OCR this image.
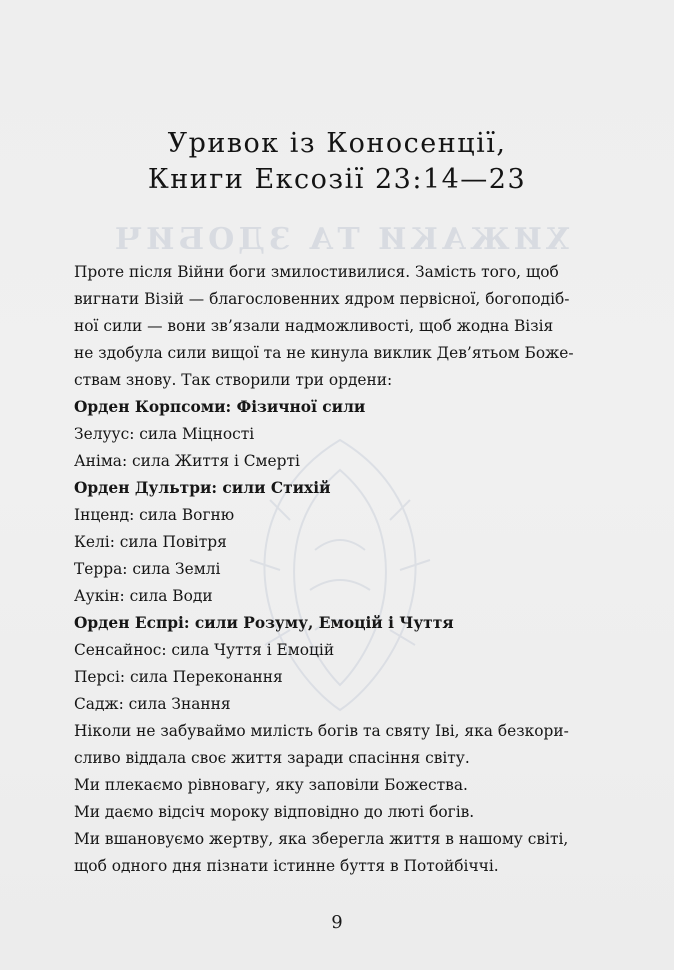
ХИЖАКИ ТА ЗДОБИЧ
Уривок із Коносенції,
Книги Ексозії 23:14—23
Проте після Війни боги змилостивилися. Замість того, щоб
вигнати Візій — благословенних ядром первісної, богоподіб-
ної сили — вони зв’язали надможливості, щоб жодна Візія
не здобула сили вищої та не кинула виклик Дев’ятьом Боже-
ствам знову. Так створили три ордени:
Орден Корпсоми: Фізичної сили
Зелуус: сила Міцності
Аніма: сила Життя і Смерті
Орден Дультри: сили Стихій
Інценд: сила Вогню
Келі: сила Повітря
Терра: сила Землі
Аукін: сила Води
Орден Еспрі: сили Розуму, Емоцій і Чуття
Сенсайнос: сила Чуття і Емоцій
Персі: сила Переконання
Садж: сила Знання
Ніколи не забуваймо милість богів та святу Іві, яка безкори-
сливо віддала своє життя заради спасіння світу.
Ми плекаємо рівновагу, яку заповіли Божества.
Ми даємо відсіч мороку відповідно до люті богів.
Ми вшановуємо жертву, яка зберегла життя в нашому світі,
щоб одного дня пізнати істинне буття в Потойбіччі.
9
